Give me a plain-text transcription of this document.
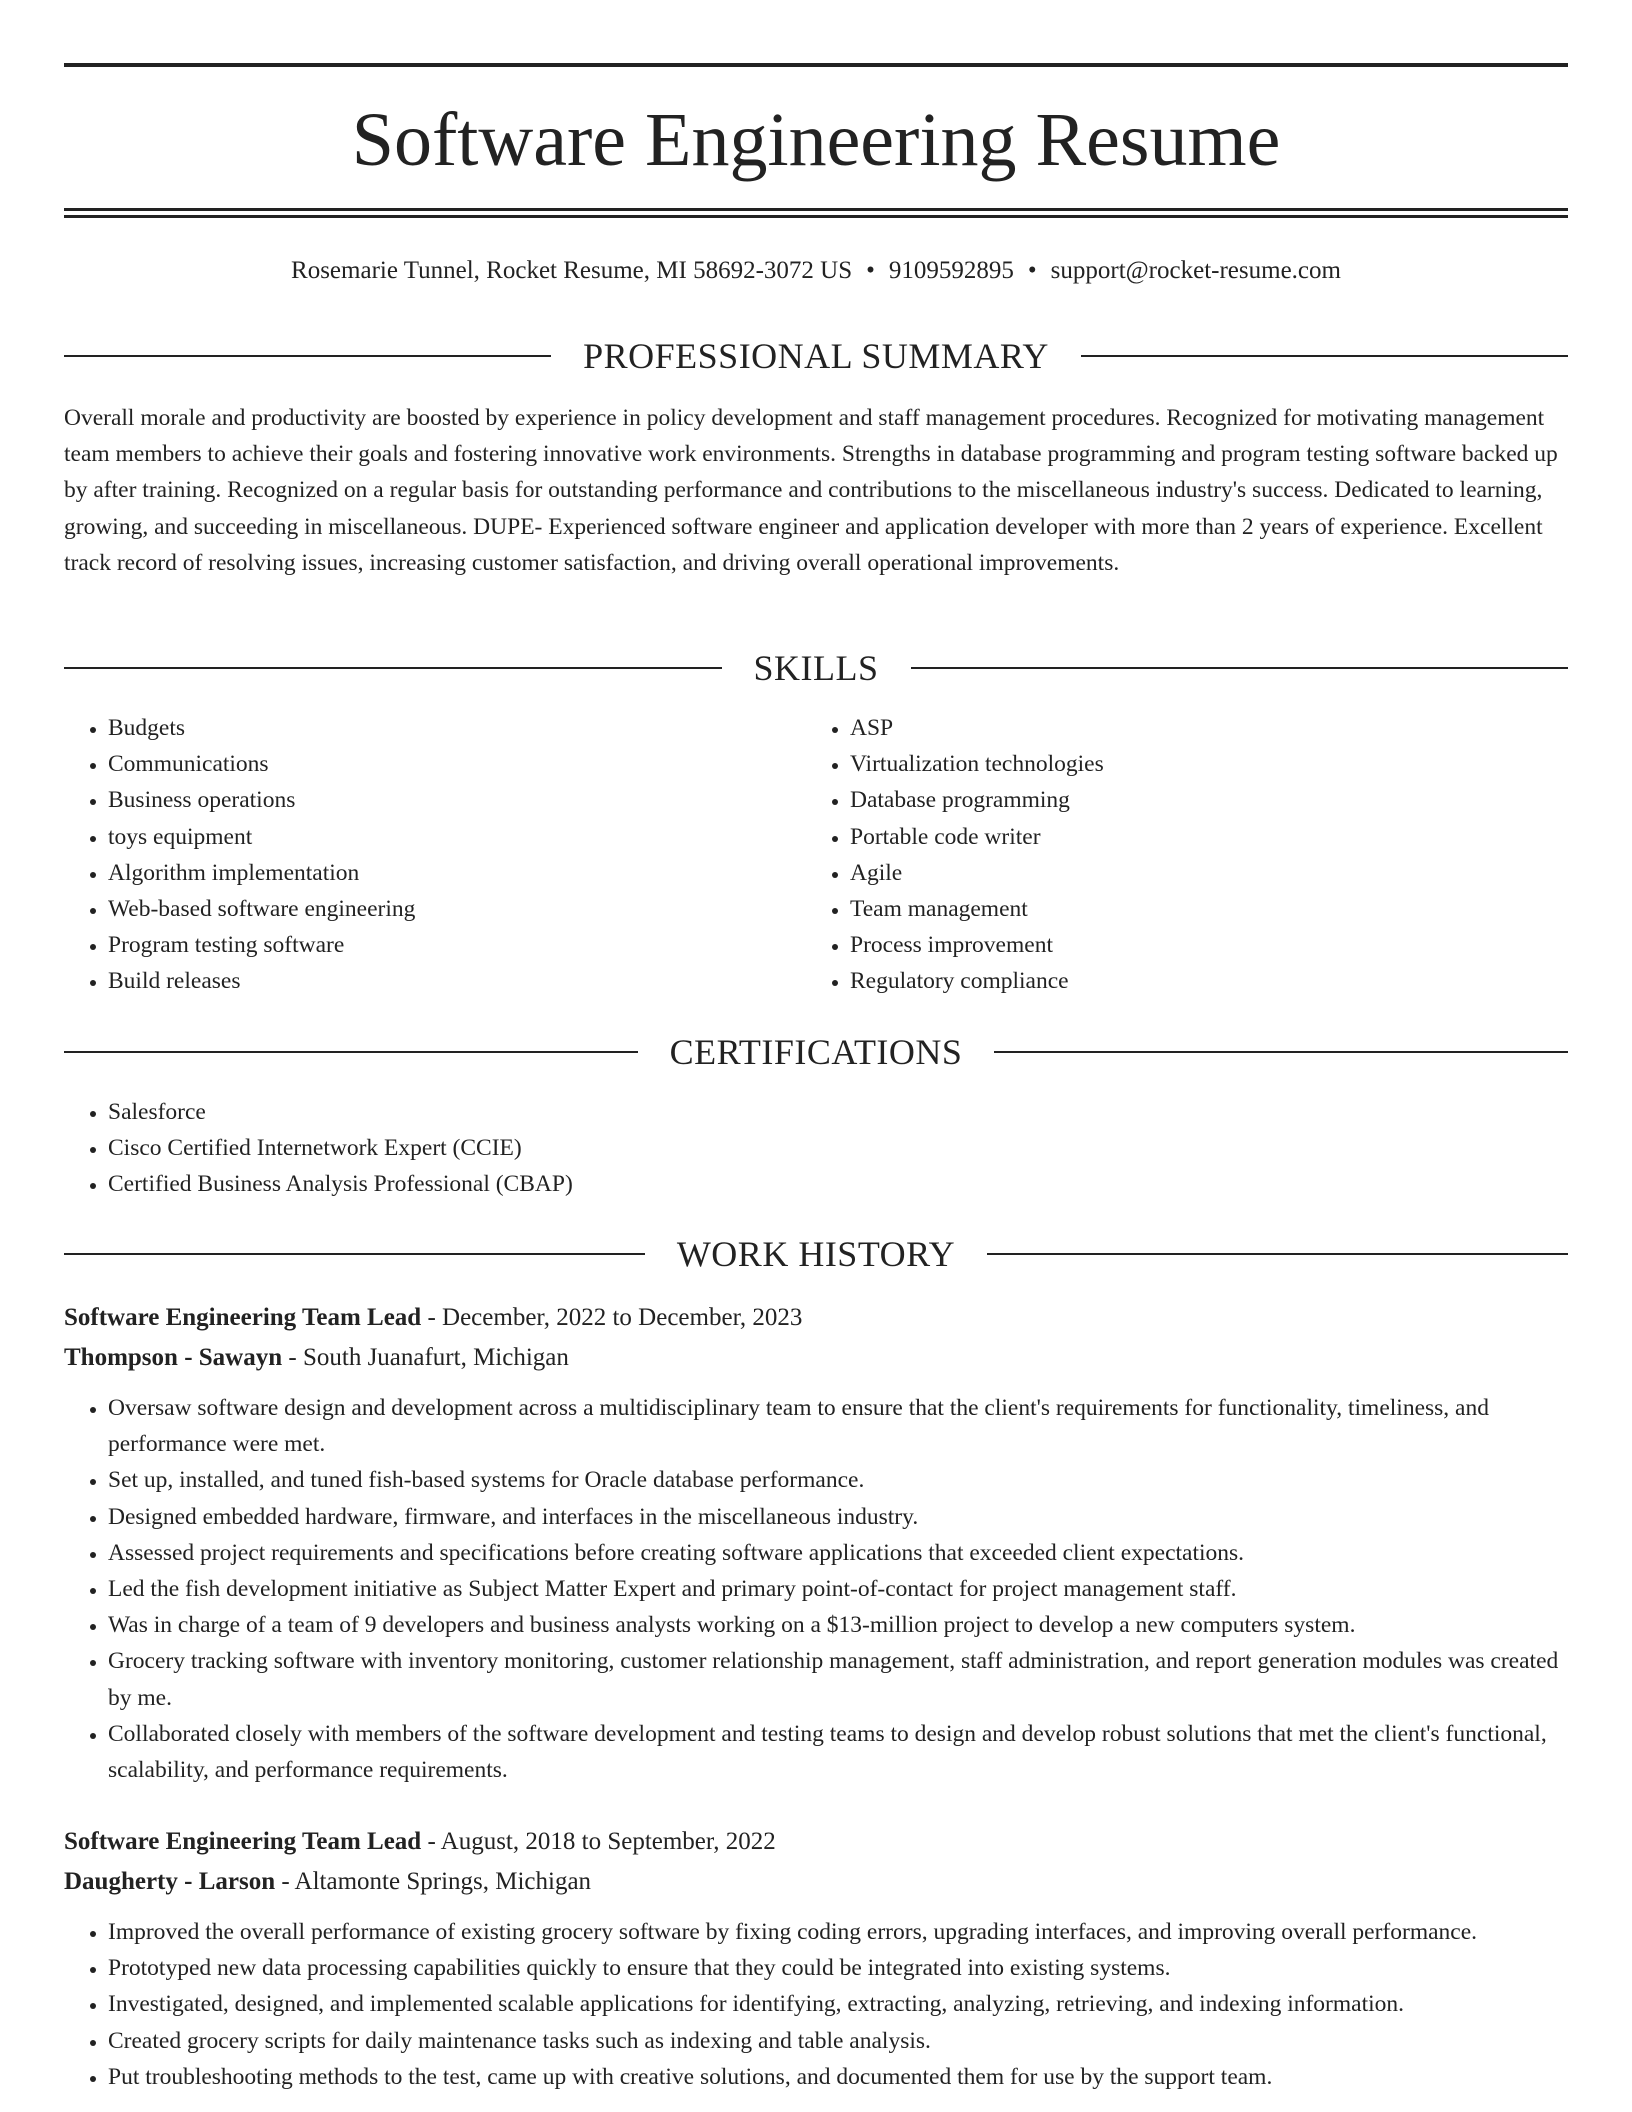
Software Engineering Resume
Rosemarie Tunnel, Rocket Resume, MI 58692-3072 US • 9109592895 • support@rocket-resume.com
PROFESSIONAL SUMMARY

Overall morale and productivity are boosted by experience in policy development and staff management procedures. Recognized for motivating management team members to achieve their goals and fostering innovative work environments. Strengths in database programming and program testing software backed up by after training. Recognized on a regular basis for outstanding performance and contributions to the miscellaneous industry's success. Dedicated to learning, growing, and succeeding in miscellaneous. DUPE- Experienced software engineer and application developer with more than 2 years of experience. Excellent track record of resolving issues, increasing customer satisfaction, and driving overall operational improvements.

SKILLS
• Budgets
• Communications
• Business operations
• toys equipment
• Algorithm implementation
• Web-based software engineering
• Program testing software
• Build releases
• ASP
• Virtualization technologies
• Database programming
• Portable code writer
• Agile
• Team management
• Process improvement
• Regulatory compliance
CERTIFICATIONS
• Salesforce
• Cisco Certified Internetwork Expert (CCIE)
• Certified Business Analysis Professional (CBAP)
WORK HISTORY

Software Engineering Team Lead - December, 2022 to December, 2023

Thompson - Sawayn - South Juanafurt, Michigan

• Oversaw software design and development across a multidisciplinary team to ensure that the client's requirements for functionality, timeliness, and performance were met.
• Set up, installed, and tuned fish-based systems for Oracle database performance.
• Designed embedded hardware, firmware, and interfaces in the miscellaneous industry.
• Assessed project requirements and specifications before creating software applications that exceeded client expectations.
• Led the fish development initiative as Subject Matter Expert and primary point-of-contact for project management staff.
• Was in charge of a team of 9 developers and business analysts working on a $13-million project to develop a new computers system.
• Grocery tracking software with inventory monitoring, customer relationship management, staff administration, and report generation modules was created by me.
• Collaborated closely with members of the software development and testing teams to design and develop robust solutions that met the client's functional, scalability, and performance requirements.

Software Engineering Team Lead - August, 2018 to September, 2022

Daugherty - Larson - Altamonte Springs, Michigan

• Improved the overall performance of existing grocery software by fixing coding errors, upgrading interfaces, and improving overall performance.
• Prototyped new data processing capabilities quickly to ensure that they could be integrated into existing systems.
• Investigated, designed, and implemented scalable applications for identifying, extracting, analyzing, retrieving, and indexing information.
• Created grocery scripts for daily maintenance tasks such as indexing and table analysis.
• Put troubleshooting methods to the test, came up with creative solutions, and documented them for use by the support team.
